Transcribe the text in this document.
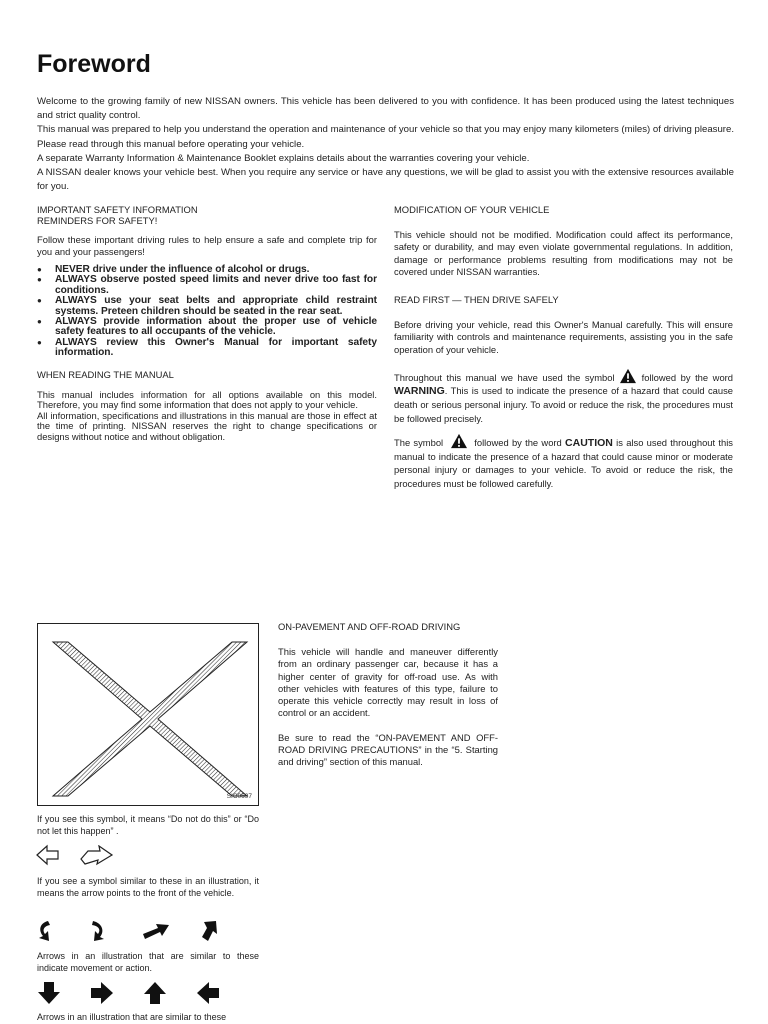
Foreword

Welcome to the growing family of new NISSAN owners. This vehicle has been delivered to you with confidence. It has been produced using the latest techniques and strict quality control.

This manual was prepared to help you understand the operation and maintenance of your vehicle so that you may enjoy many kilometers (miles) of driving pleasure. Please read through this manual before operating your vehicle.

A separate Warranty Information & Maintenance Booklet explains details about the warranties covering your vehicle.

A NISSAN dealer knows your vehicle best. When you require any service or have any questions, we will be glad to assist you with the extensive resources available for you.

IMPORTANT SAFETY INFORMATION
REMINDERS FOR SAFETY!
Follow these important driving rules to help ensure a safe and complete trip for you and your passengers!
● NEVER drive under the influence of alcohol or drugs.
● ALWAYS observe posted speed limits and never drive too fast for conditions.
● ALWAYS use your seat belts and appropriate child restraint systems. Preteen children should be seated in the rear seat.
● ALWAYS provide information about the proper use of vehicle safety features to all occupants of the vehicle.
● ALWAYS review this Owner's Manual for important safety information.
WHEN READING THE MANUAL

This manual includes information for all options available on this model. Therefore, you may find some information that does not apply to your vehicle.

All information, specifications and illustrations in this manual are those in effect at the time of printing. NISSAN reserves the right to change specifications or designs without notice and without obligation.

MODIFICATION OF YOUR VEHICLE
This vehicle should not be modified. Modification could affect its performance, safety or durability, and may even violate governmental regulations. In addition, damage or performance problems resulting from modifications may not be covered under NISSAN warranties.
READ FIRST — THEN DRIVE SAFELY
Before driving your vehicle, read this Owner's Manual carefully. This will ensure familiarity with controls and maintenance requirements, assisting you in the safe operation of your vehicle.
Throughout this manual we have used the symbol	followed by the word WARNING. This is used to indicate the presence of a hazard that could cause death or serious personal injury. To avoid or reduce the risk, the procedures must be followed precisely.
The symbol	followed by the word CAUTION is also used throughout this manual to indicate the presence of a hazard that could cause minor or moderate personal injury or damages to your vehicle. To avoid or reduce the risk, the procedures must be followed carefully.
SIC0697
If you see this symbol, it means “Do not do this” or “Do not let this happen” .
If you see a symbol similar to these in an illustration, it means the arrow points to the front of the vehicle.
Arrows in an illustration that are similar to these indicate movement or action.
Arrows in an illustration that are similar to these
ON-PAVEMENT AND OFF-ROAD DRIVING

This vehicle will handle and maneuver differently from an ordinary passenger car, because it has a higher center of gravity for off-road use. As with other vehicles with features of this type, failure to operate this vehicle correctly may result in loss of control or an accident.

Be sure to read the “ON-PAVEMENT AND OFF-ROAD DRIVING PRECAUTIONS” in the “5. Starting and driving” section of this manual.
